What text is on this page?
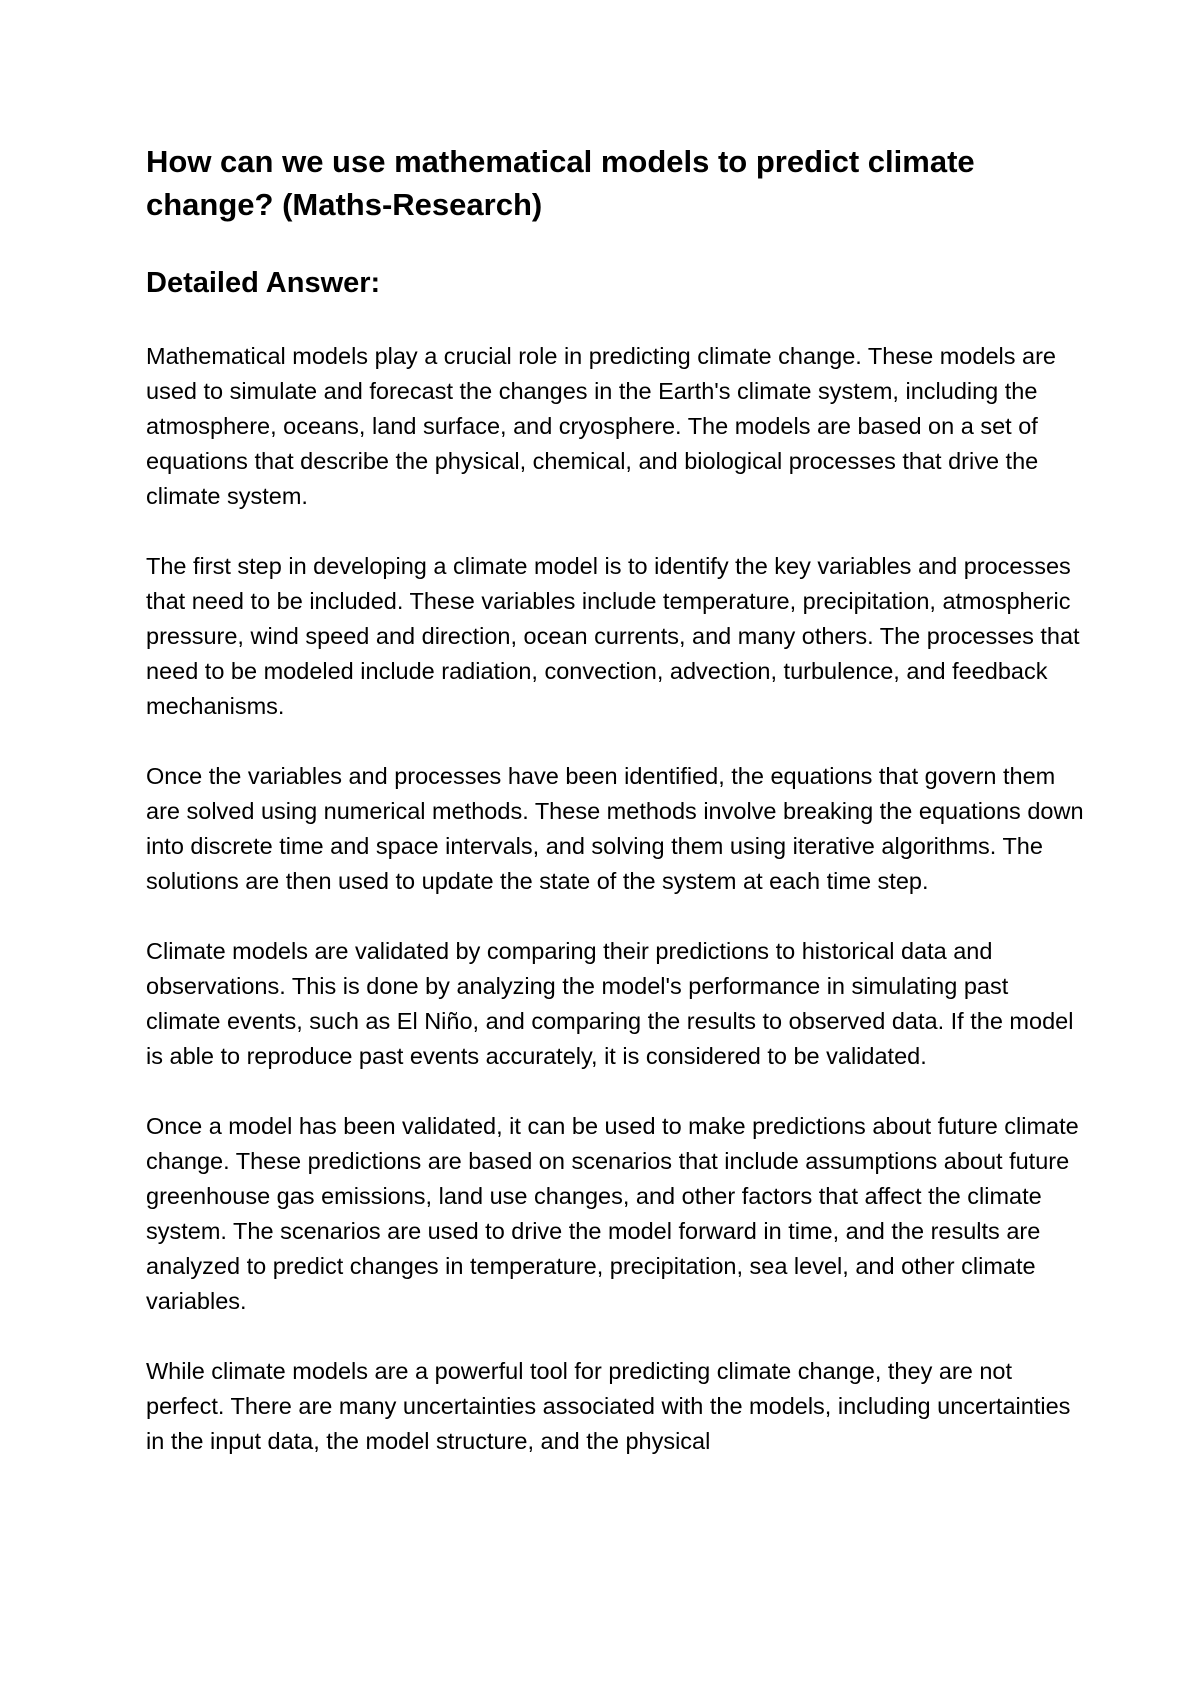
How can we use mathematical models to predict climate change? (Maths-Research)
Detailed Answer:

Mathematical models play a crucial role in predicting climate change. These models are used to simulate and forecast the changes in the Earth's climate system, including the atmosphere, oceans, land surface, and cryosphere. The models are based on a set of equations that describe the physical, chemical, and biological processes that drive the climate system.

The first step in developing a climate model is to identify the key variables and processes that need to be included. These variables include temperature, precipitation, atmospheric pressure, wind speed and direction, ocean currents, and many others. The processes that need to be modeled include radiation, convection, advection, turbulence, and feedback mechanisms.

Once the variables and processes have been identified, the equations that govern them are solved using numerical methods. These methods involve breaking the equations down into discrete time and space intervals, and solving them using iterative algorithms. The solutions are then used to update the state of the system at each time step.

Climate models are validated by comparing their predictions to historical data and observations. This is done by analyzing the model's performance in simulating past climate events, such as El Niño, and comparing the results to observed data. If the model is able to reproduce past events accurately, it is considered to be validated.

Once a model has been validated, it can be used to make predictions about future climate change. These predictions are based on scenarios that include assumptions about future greenhouse gas emissions, land use changes, and other factors that affect the climate system. The scenarios are used to drive the model forward in time, and the results are analyzed to predict changes in temperature, precipitation, sea level, and other climate variables.

While climate models are a powerful tool for predicting climate change, they are not perfect. There are many uncertainties associated with the models, including uncertainties in the input data, the model structure, and the physical
